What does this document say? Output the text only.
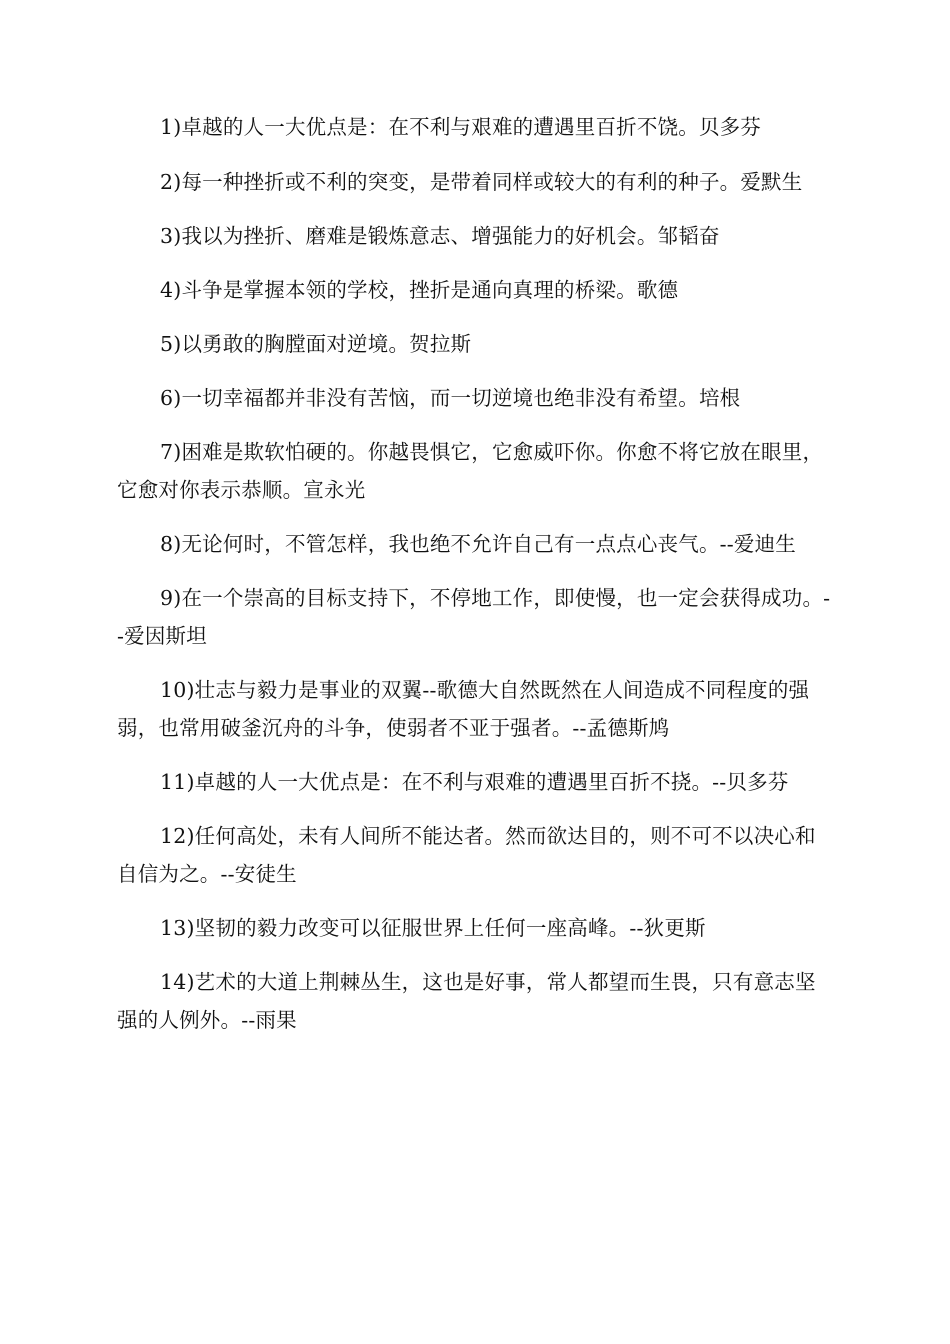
1)卓越的人一大优点是：在不利与艰难的遭遇里百折不饶。贝多芬

2)每一种挫折或不利的突变，是带着同样或较大的有利的种子。爱默生

3)我以为挫折、磨难是锻炼意志、增强能力的好机会。邹韬奋

4)斗争是掌握本领的学校，挫折是通向真理的桥梁。歌德

5)以勇敢的胸膛面对逆境。贺拉斯

6)一切幸福都并非没有苦恼，而一切逆境也绝非没有希望。培根

7)困难是欺软怕硬的。你越畏惧它，它愈威吓你。你愈不将它放在眼里，它愈对你表示恭顺。宣永光

8)无论何时，不管怎样，我也绝不允许自己有一点点心丧气。--爱迪生

9)在一个崇高的目标支持下，不停地工作，即使慢，也一定会获得成功。--爱因斯坦

10)壮志与毅力是事业的双翼--歌德大自然既然在人间造成不同程度的强弱，也常用破釜沉舟的斗争，使弱者不亚于强者。--孟德斯鸠

11)卓越的人一大优点是：在不利与艰难的遭遇里百折不挠。--贝多芬

12)任何高处，未有人间所不能达者。然而欲达目的，则不可不以决心和自信为之。--安徒生

13)坚韧的毅力改变可以征服世界上任何一座高峰。--狄更斯

14)艺术的大道上荆棘丛生，这也是好事，常人都望而生畏，只有意志坚强的人例外。--雨果
